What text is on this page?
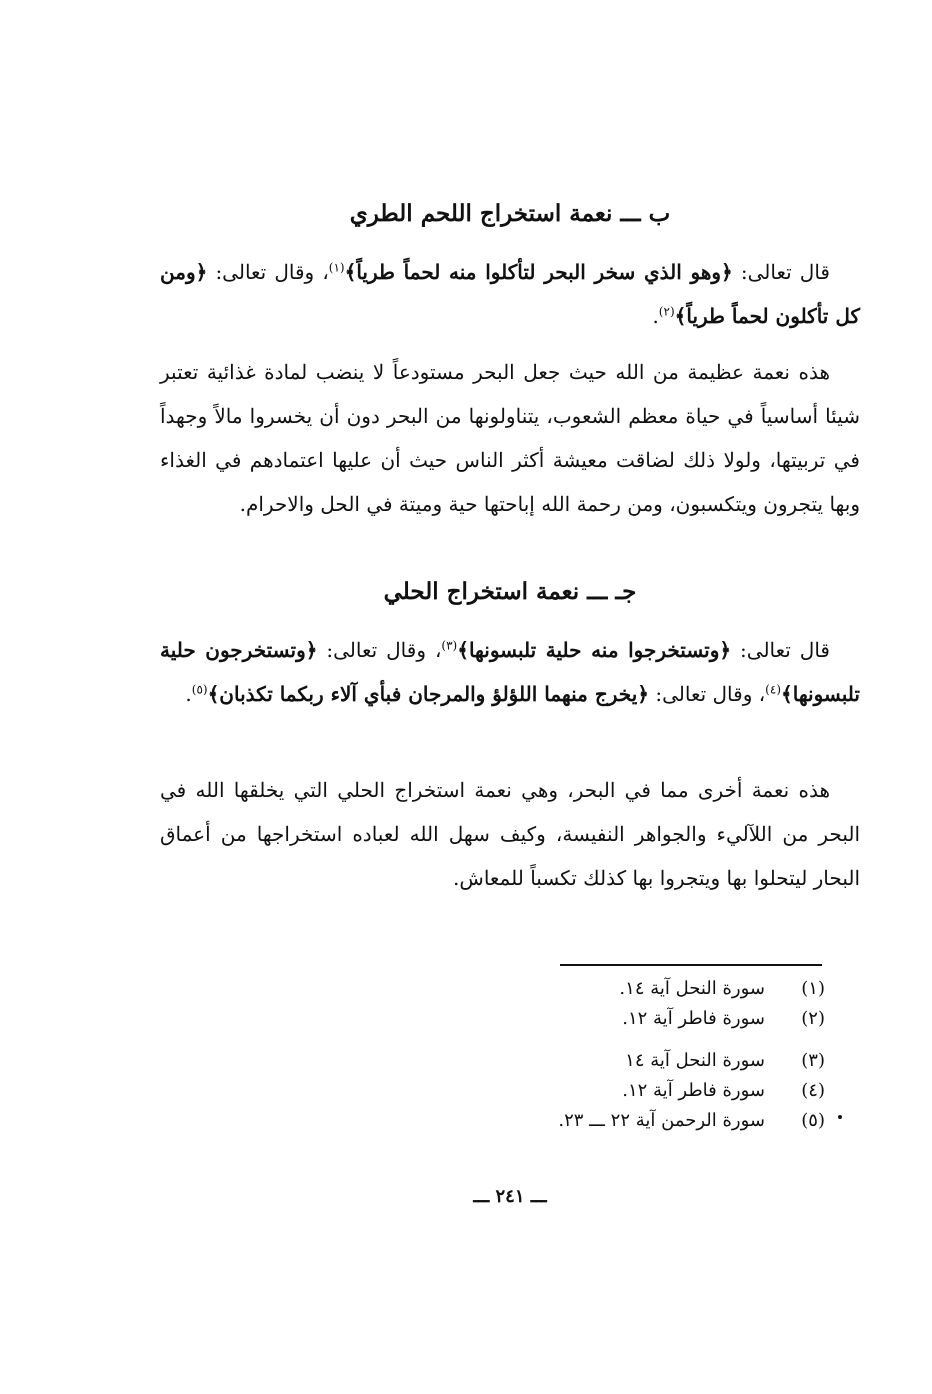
ب ـــ نعمة استخراج اللحم الطري

قال تعالى: ﴿وهو الذي سخر البحر لتأكلوا منه لحماً طرياً﴾$^{(١)}$، وقال تعالى: ﴿ومن كل تأكلون لحماً طرياً﴾$^{(٢)}$.

هذه نعمة عظيمة من الله حيث جعل البحر مستودعاً لا ينضب لمادة غذائية تعتبر شيئا أساسياً في حياة معظم الشعوب، يتناولونها من البحر دون أن يخسروا مالاً وجهداً في تربيتها، ولولا ذلك لضاقت معيشة أكثر الناس حيث أن عليها اعتمادهم في الغذاء وبها يتجرون ويتكسبون، ومن رحمة الله إباحتها حية وميتة في الحل والاحرام.

جـ ـــ نعمة استخراج الحلي

قال تعالى: ﴿وتستخرجوا منه حلية تلبسونها﴾$^{(٣)}$، وقال تعالى: ﴿وتستخرجون حلية تلبسونها﴾$^{(٤)}$، وقال تعالى: ﴿يخرج منهما اللؤلؤ والمرجان فبأي آلاء ربكما تكذبان﴾$^{(٥)}$.

هذه نعمة أخرى مما في البحر، وهي نعمة استخراج الحلي التي يخلقها الله في البحر من اللآليء والجواهر النفيسة، وكيف سهل الله لعباده استخراجها من أعماق البحار ليتحلوا بها ويتجروا بها كذلك تكسباً للمعاش.

(١)
سورة النحل آية ١٤.
(٢)
سورة فاطر آية ١٢.
(٣)
سورة النحل آية ١٤
(٤)
سورة فاطر آية ١٢.
(٥)
سورة الرحمن آية ٢٢ ـــ ٢٣.
ـــ ٢٤١ ـــ
